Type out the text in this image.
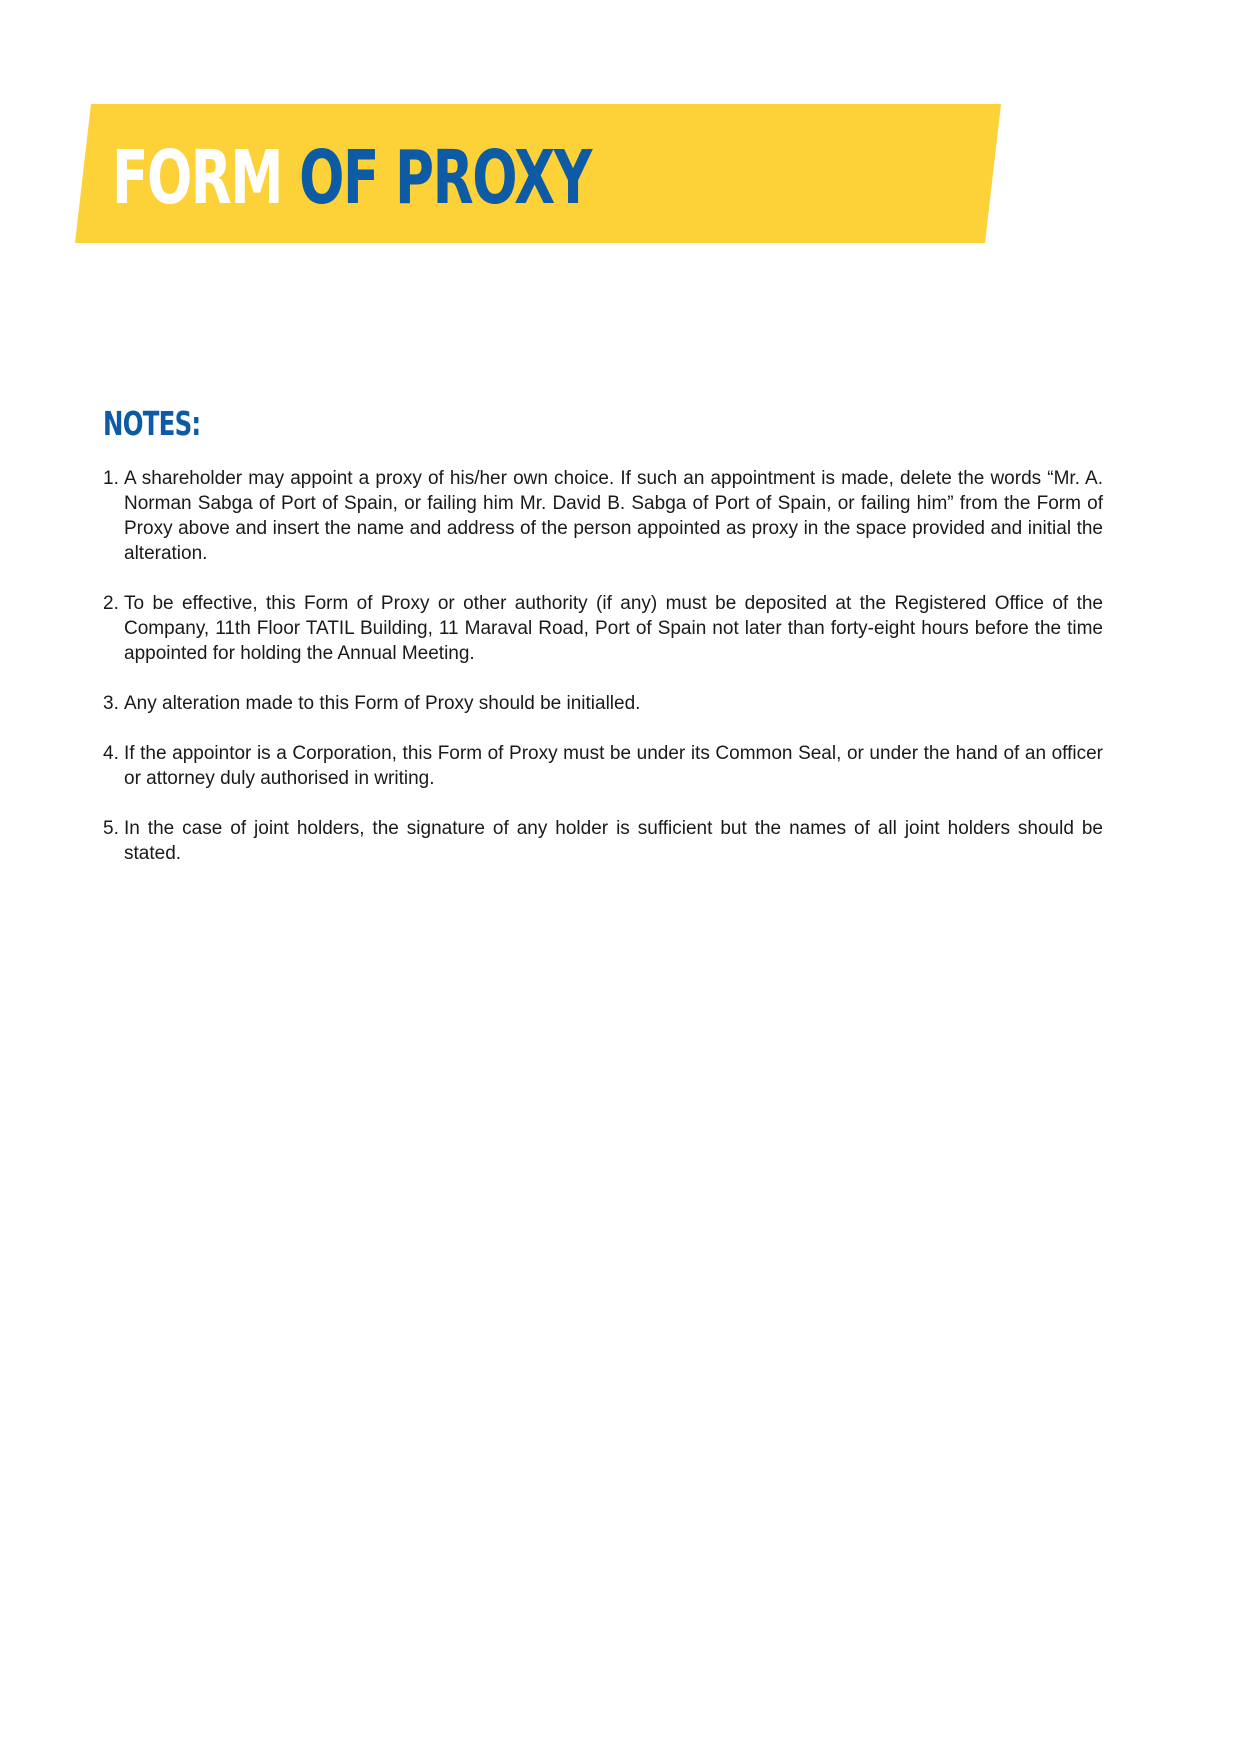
FORM OF PROXY
NOTES:
1. A shareholder may appoint a proxy of his/her own choice. If such an appointment is made, delete the words “Mr. A. Norman Sabga of Port of Spain, or failing him Mr. David B. Sabga of Port of Spain, or failing him” from the Form of Proxy above and insert the name and address of the person appointed as proxy in the space provided and initial the alteration.
2. To be effective, this Form of Proxy or other authority (if any) must be deposited at the Registered Office of the Company, 11th Floor TATIL Building, 11 Maraval Road, Port of Spain not later than forty-eight hours before the time appointed for holding the Annual Meeting.
3. Any alteration made to this Form of Proxy should be initialled.
4. If the appointor is a Corporation, this Form of Proxy must be under its Common Seal, or under the hand of an officer or attorney duly authorised in writing.
5. In the case of joint holders, the signature of any holder is sufficient but the names of all joint holders should be stated.
